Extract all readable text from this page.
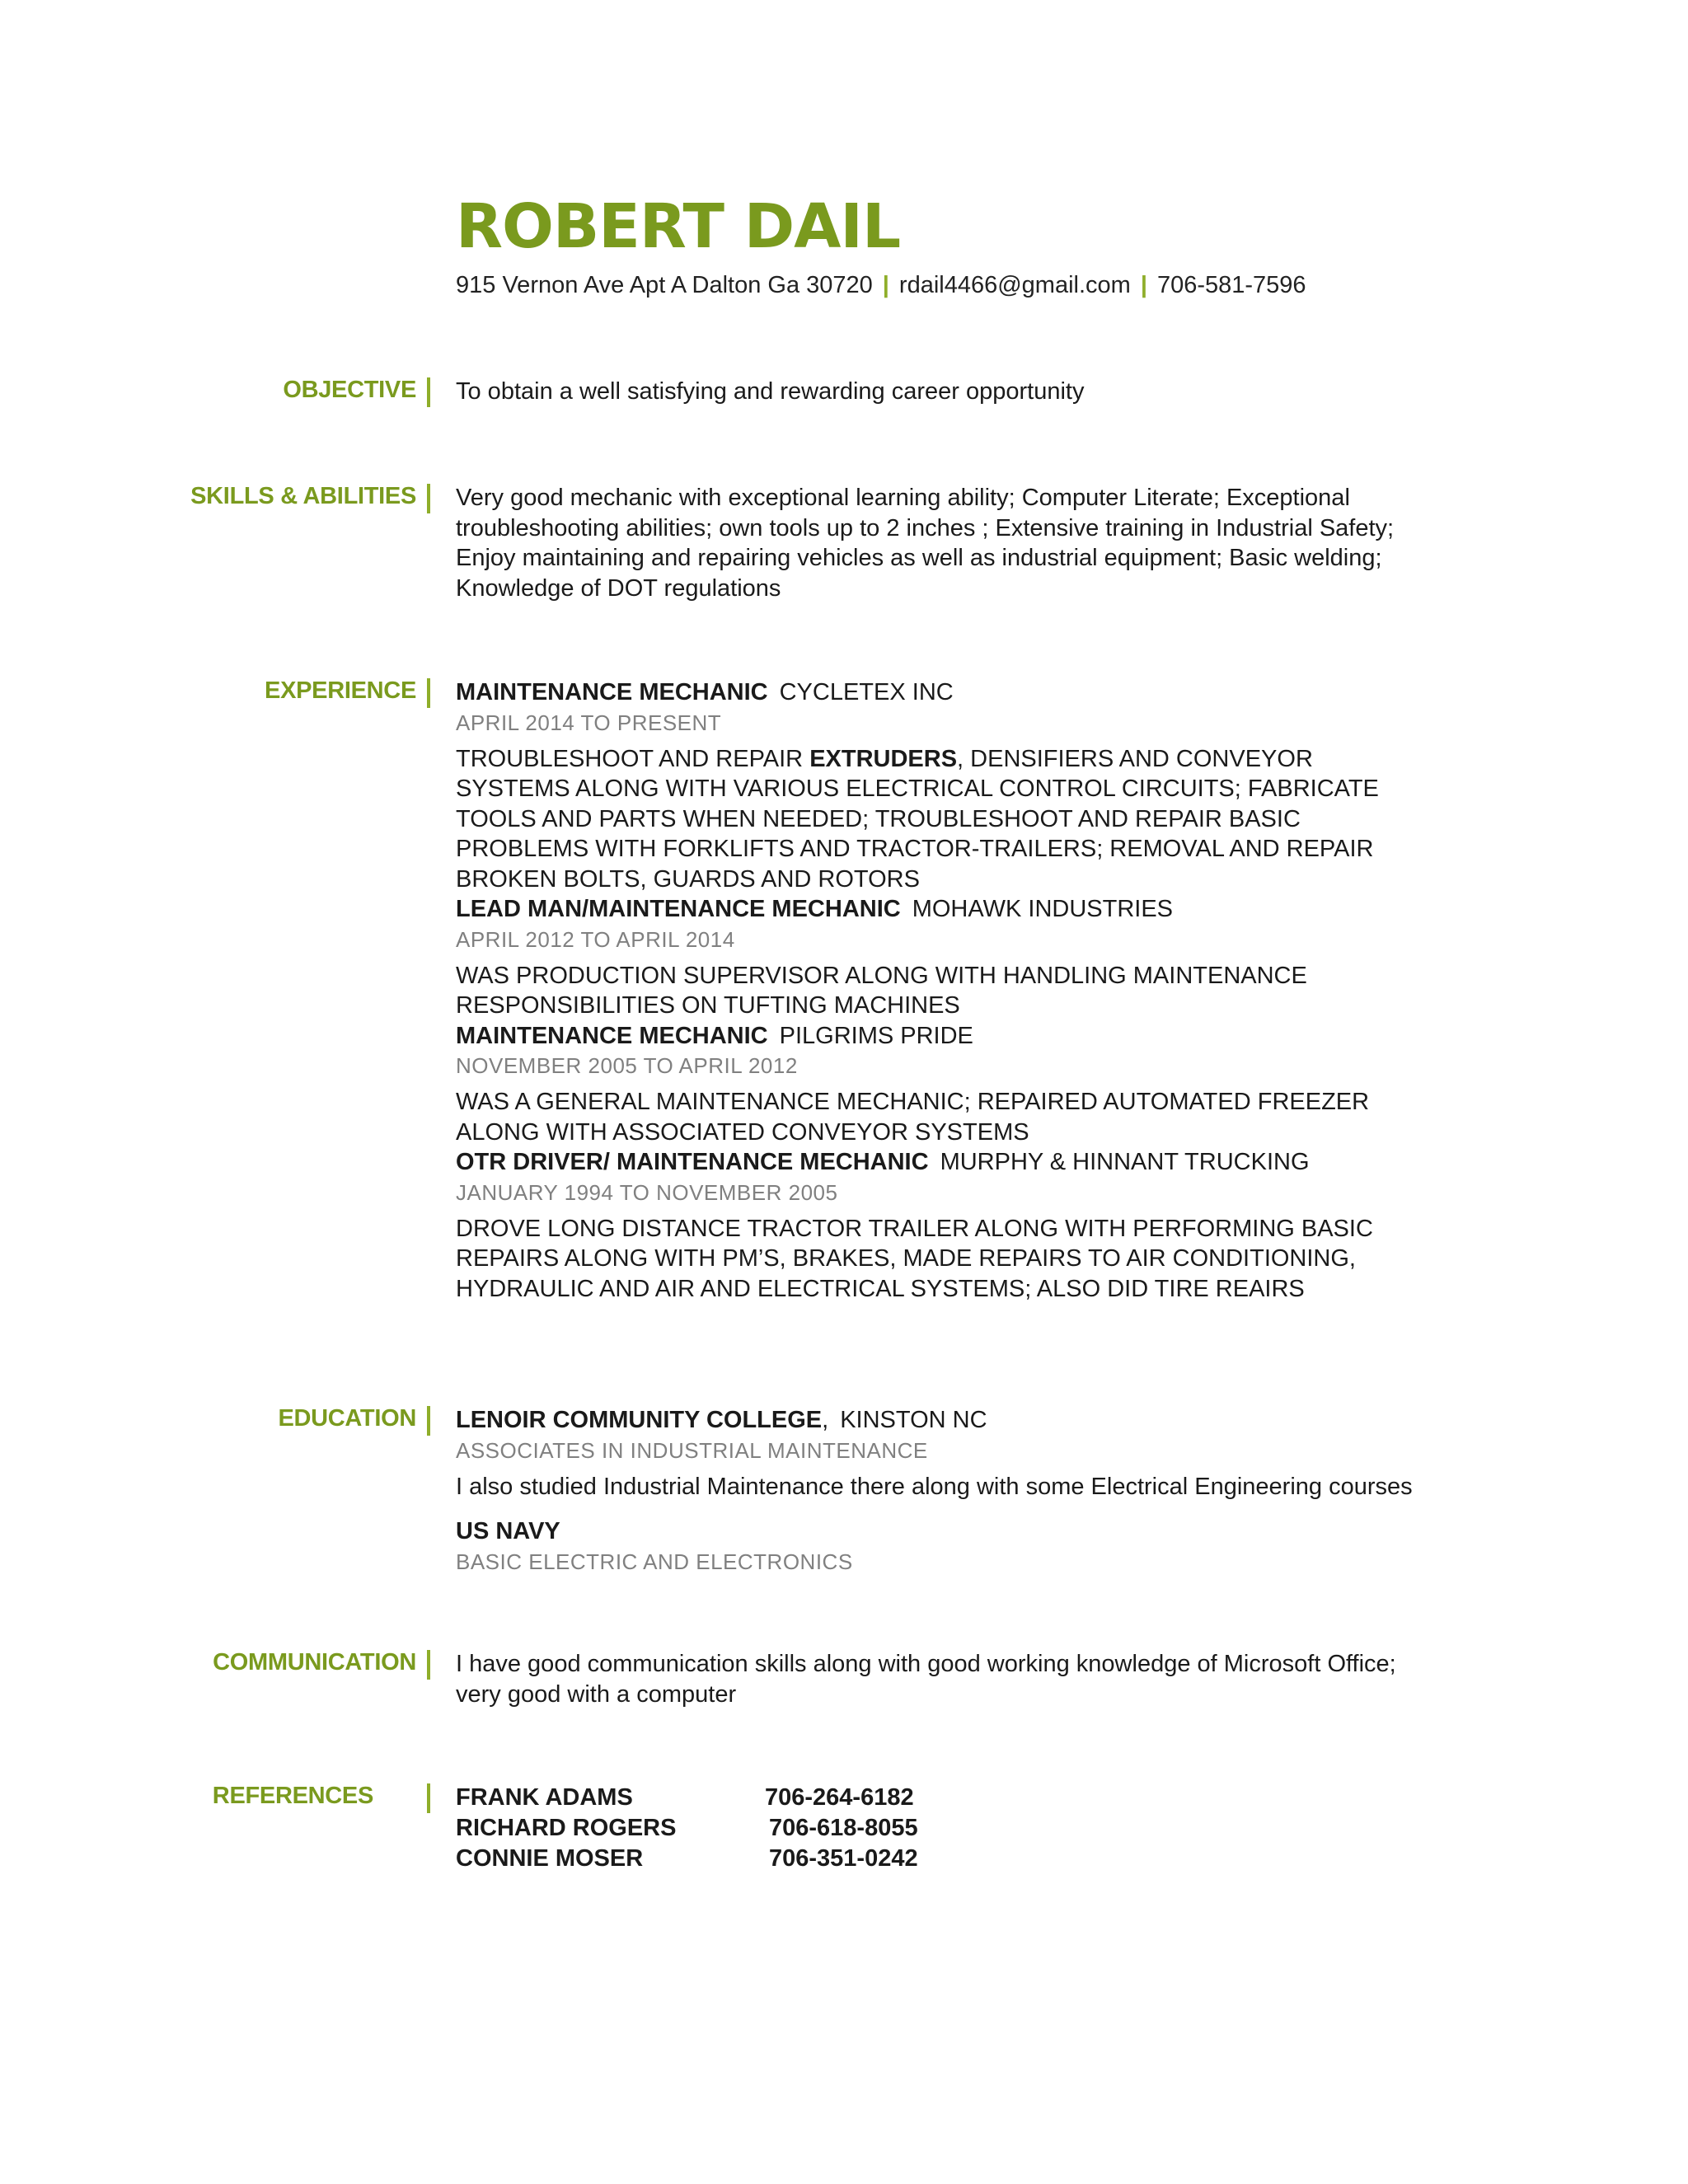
ROBERT DAIL
915 Vernon Ave Apt A Dalton Ga 30720 | rdail4466@gmail.com | 706-581-7596
OBJECTIVE To obtain a well satisfying and rewarding career opportunity
SKILLS & ABILITIES Very good mechanic with exceptional learning ability; Computer Literate; Exceptional
troubleshooting abilities; own tools up to 2 inches ; Extensive training in Industrial Safety;
Enjoy maintaining and repairing vehicles as well as industrial equipment; Basic welding;
Knowledge of DOT regulations
EXPERIENCE MAINTENANCE MECHANIC CYCLETEX INC
APRIL 2014 TO PRESENT
TROUBLESHOOT AND REPAIR EXTRUDERS, DENSIFIERS AND CONVEYOR SYSTEMS ALONG WITH VARIOUS ELECTRICAL CONTROL CIRCUITS; FABRICATE TOOLS AND PARTS WHEN NEEDED; TROUBLESHOOT AND REPAIR BASIC PROBLEMS WITH FORKLIFTS AND TRACTOR-TRAILERS; REMOVAL AND REPAIR BROKEN BOLTS, GUARDS AND ROTORS
LEAD MAN/MAINTENANCE MECHANIC MOHAWK INDUSTRIES
APRIL 2012 TO APRIL 2014
WAS PRODUCTION SUPERVISOR ALONG WITH HANDLING MAINTENANCE RESPONSIBILITIES ON TUFTING MACHINES
MAINTENANCE MECHANIC PILGRIMS PRIDE
NOVEMBER 2005 TO APRIL 2012
WAS A GENERAL MAINTENANCE MECHANIC; REPAIRED AUTOMATED FREEZER ALONG WITH ASSOCIATED CONVEYOR SYSTEMS
OTR DRIVER/ MAINTENANCE MECHANIC MURPHY & HINNANT TRUCKING
JANUARY 1994 TO NOVEMBER 2005
DROVE LONG DISTANCE TRACTOR TRAILER ALONG WITH PERFORMING BASIC REPAIRS ALONG WITH PM’S, BRAKES, MADE REPAIRS TO AIR CONDITIONING, HYDRAULIC AND AIR AND ELECTRICAL SYSTEMS; ALSO DID TIRE REAIRS
EDUCATION LENOIR COMMUNITY COLLEGE, KINSTON NC
ASSOCIATES IN INDUSTRIAL MAINTENANCE
I also studied Industrial Maintenance there along with some Electrical Engineering courses
US NAVY
BASIC ELECTRIC AND ELECTRONICS
COMMUNICATION I have good communication skills along with good working knowledge of Microsoft Office;
very good with a computer
REFERENCES	FRANK ADAMS	706-264-6182
RICHARD ROGERS	706-618-8055
CONNIE MOSER	706-351-0242
